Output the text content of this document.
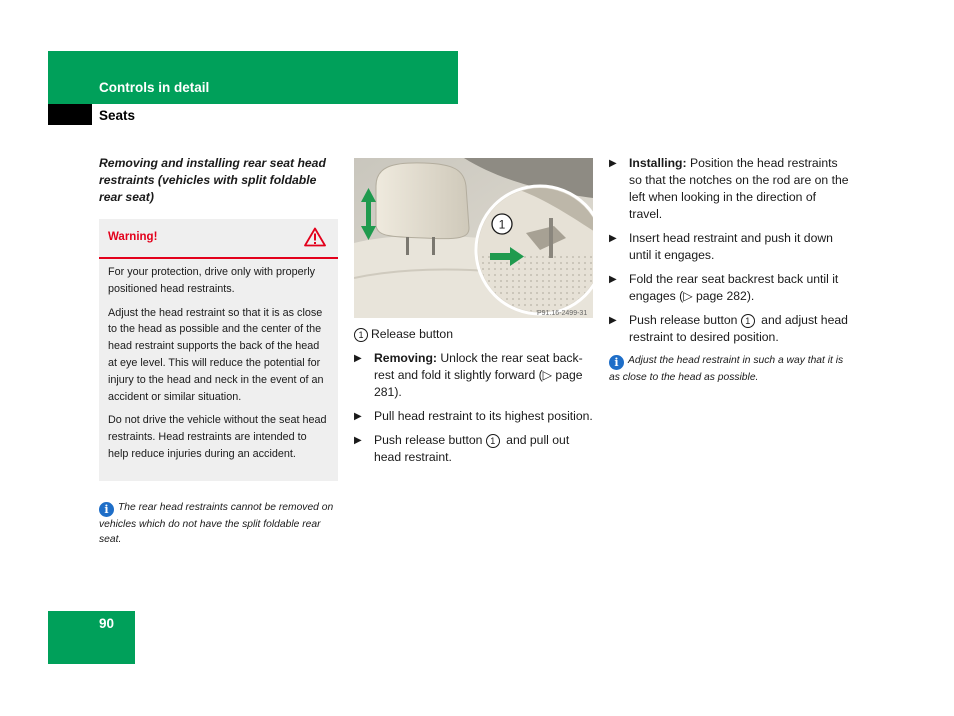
Controls in detail
Seats
Removing and installing rear seat head restraints (vehicles with split foldable rear seat)
Warning!

For your protection, drive only with properly positioned head restraints.

Adjust the head restraint so that it is as close to the head as possible and the center of the head restraint supports the back of the head at eye level. This will reduce the potential for injury to the head and neck in the event of an accident or similar situation.

Do not drive the vehicle without the seat head restraints. Head restraints are intended to help reduce injuries during an accident.

i The rear head restraints cannot be removed on vehicles which do not have the split foldable rear seat.
1
P91.16-2499-31

1 Release button

▶ Removing: Unlock the rear seat back-rest and fold it slightly forward (▷ page 281).

▶ Pull head restraint to its highest position.

▶ Push release button 1 and pull out head restraint.

▶ Installing: Position the head restraints so that the notches on the rod are on the left when looking in the direction of travel.

▶ Insert head restraint and push it down until it engages.

▶ Fold the rear seat backrest back until it engages (▷ page 282).

▶ Push release button 1 and adjust head restraint to desired position.

i Adjust the head restraint in such a way that it is as close to the head as possible.
90
